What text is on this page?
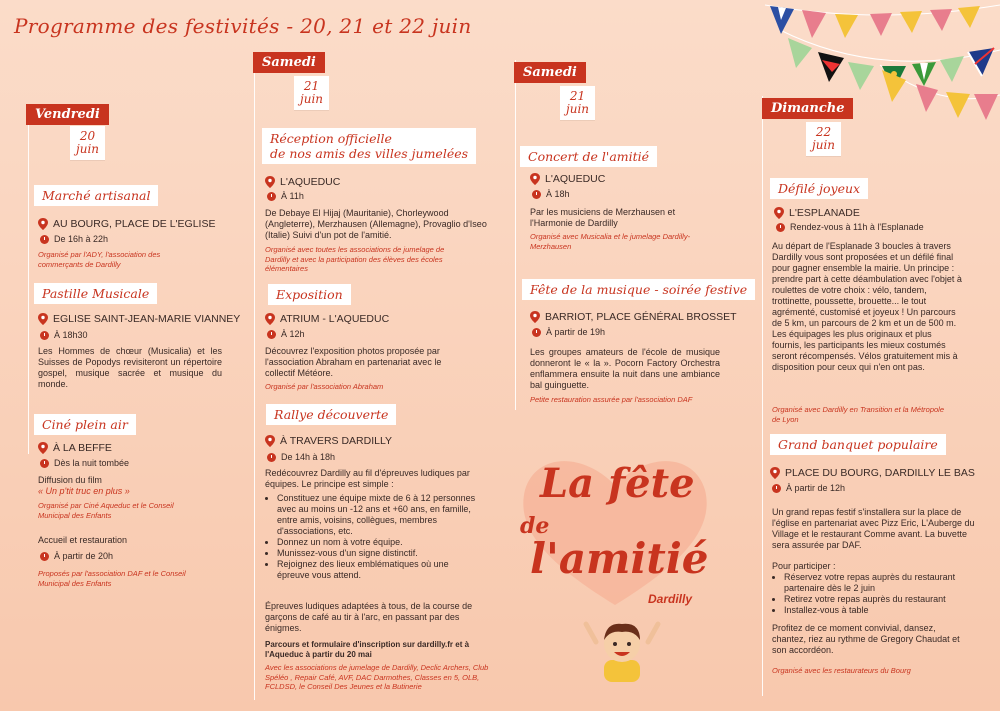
Programme des festivités - 20, 21 et 22 juin
Vendredi
20
juin
Marché artisanal
AU BOURG, PLACE DE L'EGLISE
De 16h à 22h
Organisé par l'ADY, l'association des commerçants de Dardilly
Pastille Musicale
EGLISE SAINT-JEAN-MARIE VIANNEY
À 18h30
Les Hommes de chœur (Musicalia) et les Suisses de Popodys revisiteront un répertoire gospel, musique sacrée et musique du monde.
Ciné plein air
À LA BEFFE
Dès la nuit tombée
Diffusion du film
« Un p'tit truc en plus »
Organisé par Ciné Aqueduc et le Conseil Municipal des Enfants
Accueil et restauration
À partir de 20h
Proposés par l'association DAF et le Conseil Municipal des Enfants
Samedi
21
juin
Réception officielle
de nos amis des villes jumelées
L'AQUEDUC
À 11h
De Debaye El Hijaj (Mauritanie), Chorleywood (Angleterre), Merzhausen (Allemagne), Provaglio d'Iseo (Italie) Suivi d'un pot de l'amitié.
Organisé avec toutes les associations de jumelage de Dardilly et avec la participation des élèves des écoles élémentaires
Exposition
ATRIUM - L'AQUEDUC
À 12h
Découvrez l'exposition photos proposée par l'association Abraham en partenariat avec le collectif Météore.
Organisé par l'association Abraham
Rallye découverte
À TRAVERS DARDILLY
De 14h à 18h
Redécouvrez Dardilly au fil d'épreuves ludiques par équipes. Le principe est simple :
• Constituez une équipe mixte de 6 à 12 personnes avec au moins un -12 ans et +60 ans, en famille, entre amis, voisins, collègues, membres d'associations, etc.
• Donnez un nom à votre équipe.
• Munissez-vous d'un signe distinctif.
• Rejoignez des lieux emblématiques où une épreuve vous attend.
Épreuves ludiques adaptées à tous, de la course de garçons de café au tir à l'arc, en passant par des énigmes.
Parcours et formulaire d'inscription sur dardilly.fr et à l'Aqueduc à partir du 20 mai
Avec les associations de jumelage de Dardilly, Declic Archers, Club Spéléo , Repair Café, AVF, DAC Darmothes, Classes en 5, OLB, FCLDSD, le Conseil Des Jeunes et la Butinerie
Samedi
21
juin
Concert de l'amitié
L'AQUEDUC
À 18h
Par les musiciens de Merzhausen et l'Harmonie de Dardilly
Organisé avec Musicalia et le jumelage Dardilly-Merzhausen
Fête de la musique - soirée festive
BARRIOT, PLACE GÉNÉRAL BROSSET
À partir de 19h
Les groupes amateurs de l'école de musique donneront le « la ». Pocorn Factory Orchestra enflammera ensuite la nuit dans une ambiance bal guinguette.
Petite restauration assurée par l'association DAF
La fête
de
l'amitié
Dardilly
Dimanche
22
juin
Défilé joyeux
L'ESPLANADE
Rendez-vous à 11h à l'Esplanade
Au départ de l'Esplanade 3 boucles à travers Dardilly vous sont proposées et un défilé final pour gagner ensemble la mairie. Un principe : prendre part à cette déambulation avec l'objet à roulettes de votre choix : vélo, tandem, trottinette, poussette, brouette... le tout agrémenté, customisé et joyeux ! Un parcours de 5 km, un parcours de 2 km et un de 500 m. Les équipages les plus originaux et plus fournis, les participants les mieux costumés seront récompensés. Vélos gratuitement mis à disposition pour ceux qui n'en ont pas.
Organisé avec Dardilly en Transition et la Métropole de Lyon
Grand banquet populaire
PLACE DU BOURG, DARDILLY LE BAS
À partir de 12h
Un grand repas festif s'installera sur la place de l'église en partenariat avec Pizz Eric, L'Auberge du Village et le restaurant Comme avant. La buvette sera assurée par DAF.
Pour participer :
• Réservez votre repas auprès du restaurant partenaire dès le 2 juin
• Retirez votre repas auprès du restaurant
• Installez-vous à table
Profitez de ce moment convivial, dansez, chantez, riez au rythme de Gregory Chaudat et son accordéon.
Organisé avec les restaurateurs du Bourg
